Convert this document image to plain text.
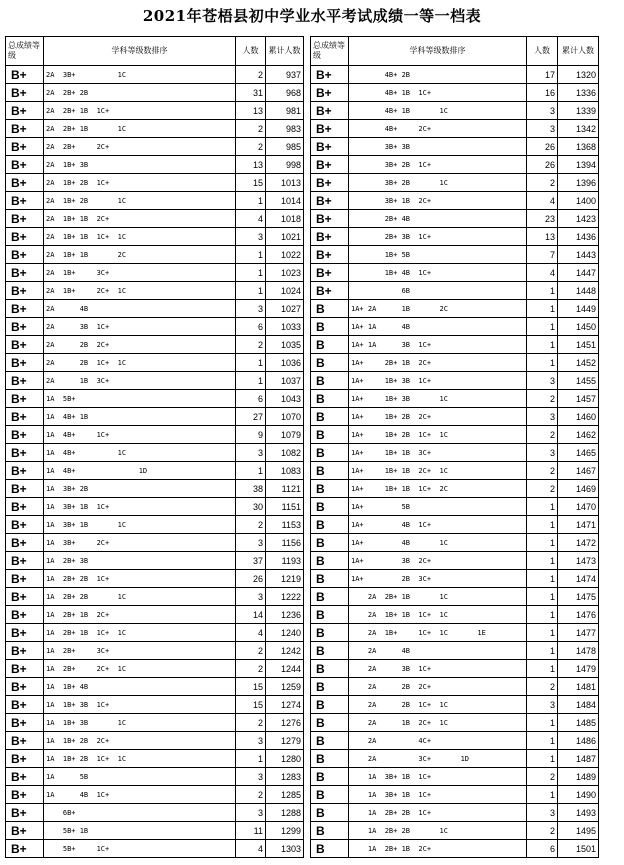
2021年苍梧县初中学业水平考试成绩一等一档表
总成绩等级	学科等级数排序	人数	累计人数
B+	2A  3B+          1C	2	937
B+	2A  2B+ 2B	31	968
B+	2A  2B+ 1B  1C+	13	981
B+	2A  2B+ 1B       1C	2	983
B+	2A  2B+     2C+	2	985
B+	2A  1B+ 3B	13	998
B+	2A  1B+ 2B  1C+	15	1013
B+	2A  1B+ 2B       1C	1	1014
B+	2A  1B+ 1B  2C+	4	1018
B+	2A  1B+ 1B  1C+  1C	3	1021
B+	2A  1B+ 1B       2C	1	1022
B+	2A  1B+     3C+	1	1023
B+	2A  1B+     2C+  1C	1	1024
B+	2A      4B	3	1027
B+	2A      3B  1C+	6	1033
B+	2A      2B  2C+	2	1035
B+	2A      2B  1C+  1C	1	1036
B+	2A      1B  3C+	1	1037
B+	1A  5B+	6	1043
B+	1A  4B+ 1B	27	1070
B+	1A  4B+     1C+	9	1079
B+	1A  4B+          1C	3	1082
B+	1A  4B+               1D	1	1083
B+	1A  3B+ 2B	38	1121
B+	1A  3B+ 1B  1C+	30	1151
B+	1A  3B+ 1B       1C	2	1153
B+	1A  3B+     2C+	3	1156
B+	1A  2B+ 3B	37	1193
B+	1A  2B+ 2B  1C+	26	1219
B+	1A  2B+ 2B       1C	3	1222
B+	1A  2B+ 1B  2C+	14	1236
B+	1A  2B+ 1B  1C+  1C	4	1240
B+	1A  2B+     3C+	2	1242
B+	1A  2B+     2C+  1C	2	1244
B+	1A  1B+ 4B	15	1259
B+	1A  1B+ 3B  1C+	15	1274
B+	1A  1B+ 3B       1C	2	1276
B+	1A  1B+ 2B  2C+	3	1279
B+	1A  1B+ 2B  1C+  1C	1	1280
B+	1A      5B	3	1283
B+	1A      4B  1C+	2	1285
B+	6B+	3	1288
B+	5B+ 1B	11	1299
B+	5B+     1C+	4	1303
总成绩等级	学科等级数排序	人数	累计人数
B+	4B+ 2B	17	1320
B+	4B+ 1B  1C+	16	1336
B+	4B+ 1B       1C	3	1339
B+	4B+     2C+	3	1342
B+	3B+ 3B	26	1368
B+	3B+ 2B  1C+	26	1394
B+	3B+ 2B       1C	2	1396
B+	3B+ 1B  2C+	4	1400
B+	2B+ 4B	23	1423
B+	2B+ 3B  1C+	13	1436
B+	1B+ 5B	7	1443
B+	1B+ 4B  1C+	4	1447
B+	6B	1	1448
B	1A+ 2A      1B       2C	1	1449
B	1A+ 1A      4B	1	1450
B	1A+ 1A      3B  1C+	1	1451
B	1A+     2B+ 1B  2C+	1	1452
B	1A+     1B+ 3B  1C+	3	1455
B	1A+     1B+ 3B       1C	2	1457
B	1A+     1B+ 2B  2C+	3	1460
B	1A+     1B+ 2B  1C+  1C	2	1462
B	1A+     1B+ 1B  3C+	3	1465
B	1A+     1B+ 1B  2C+  1C	2	1467
B	1A+     1B+ 1B  1C+  2C	2	1469
B	1A+         5B	1	1470
B	1A+         4B  1C+	1	1471
B	1A+         4B       1C	1	1472
B	1A+         3B  2C+	1	1473
B	1A+         2B  3C+	1	1474
B	2A  2B+ 1B       1C	1	1475
B	2A  1B+ 1B  1C+  1C	1	1476
B	2A  1B+     1C+  1C       1E	1	1477
B	2A      4B	1	1478
B	2A      3B  1C+	1	1479
B	2A      2B  2C+	2	1481
B	2A      2B  1C+  1C	3	1484
B	2A      1B  2C+  1C	1	1485
B	2A          4C+	1	1486
B	2A          3C+       1D	1	1487
B	1A  3B+ 1B  1C+	2	1489
B	1A  3B+ 1B  1C+	1	1490
B	1A  2B+ 2B  1C+	3	1493
B	1A  2B+ 2B       1C	2	1495
B	1A  2B+ 1B  2C+	6	1501
